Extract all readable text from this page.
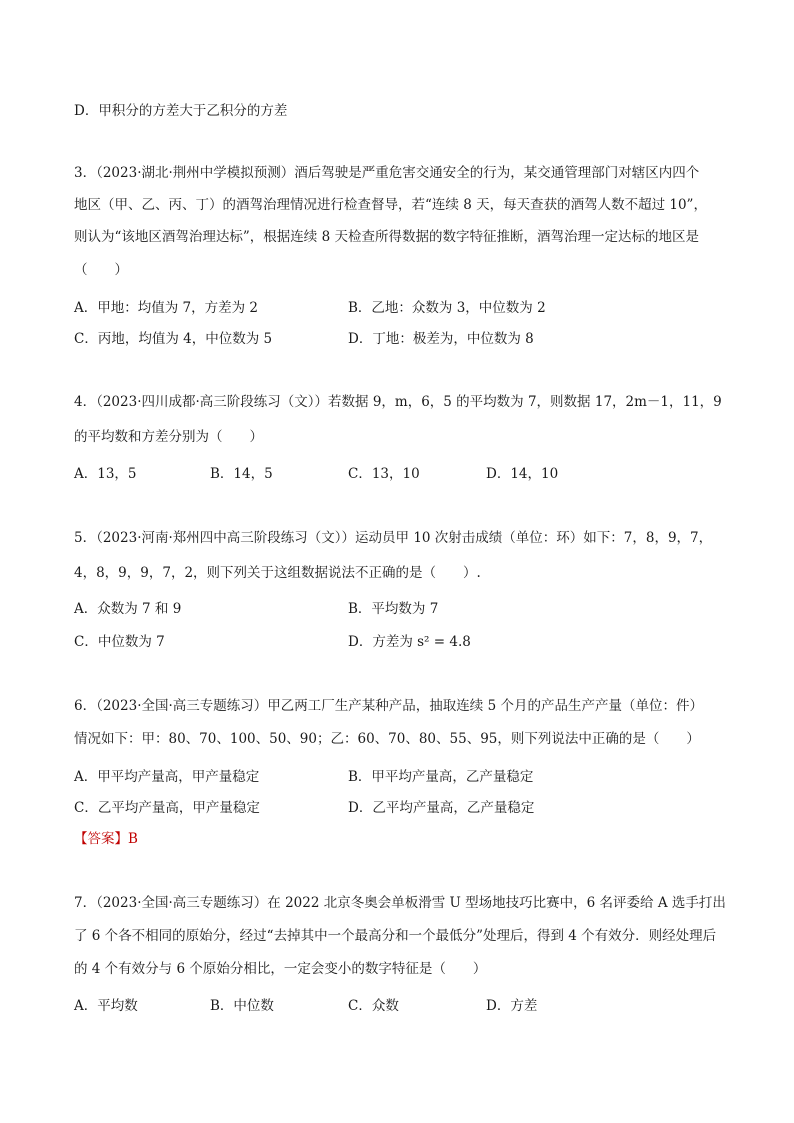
D．甲积分的方差大于乙积分的方差
3．（2023·湖北·荆州中学模拟预测）酒后驾驶是严重危害交通安全的行为，某交通管理部门对辖区内四个
地区（甲、乙、丙、丁）的酒驾治理情况进行检查督导，若“连续 8 天，每天查获的酒驾人数不超过 10”，
则认为“该地区酒驾治理达标”，根据连续 8 天检查所得数据的数字特征推断，酒驾治理一定达标的地区是
（　　）
A．甲地：均值为 7，方差为 2	B．乙地：众数为 3，中位数为 2
C．丙地，均值为 4，中位数为 5	D．丁地：极差为，中位数为 8
4．（2023·四川成都·高三阶段练习（文））若数据 9，m，6，5 的平均数为 7，则数据 17，2m－1，11，9
的平均数和方差分别为（　　）
A．13，5	B．14，5	C．13，10	D．14，10
5．（2023·河南·郑州四中高三阶段练习（文））运动员甲 10 次射击成绩（单位：环）如下：7，8，9，7，
4，8，9，9，7，2，则下列关于这组数据说法不正确的是（　　）.
A．众数为 7 和 9	B．平均数为 7
C．中位数为 7	D．方差为 s² = 4.8
6．（2023·全国·高三专题练习）甲乙两工厂生产某种产品，抽取连续 5 个月的产品生产产量（单位：件）
情况如下：甲：80、70、100、50、90；乙：60、70、80、55、95，则下列说法中正确的是（　　）
A．甲平均产量高，甲产量稳定	B．甲平均产量高，乙产量稳定
C．乙平均产量高，甲产量稳定	D．乙平均产量高，乙产量稳定
【答案】B
7．（2023·全国·高三专题练习）在 2022 北京冬奥会单板滑雪 U 型场地技巧比赛中，6 名评委给 A 选手打出
了 6 个各不相同的原始分，经过“去掉其中一个最高分和一个最低分”处理后，得到 4 个有效分．则经处理后
的 4 个有效分与 6 个原始分相比，一定会变小的数字特征是（　　）
A．平均数	B．中位数	C．众数	D．方差
